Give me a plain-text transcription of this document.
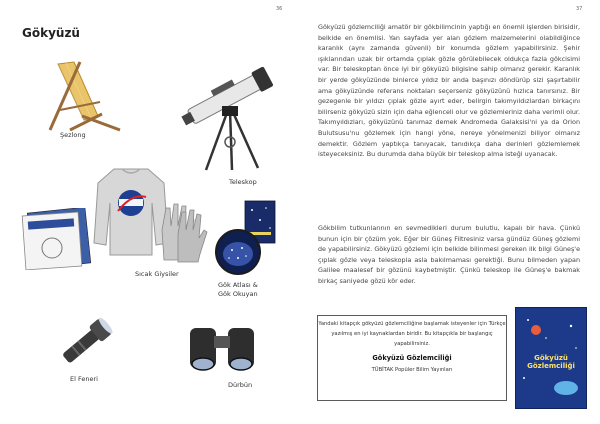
36
Gökyüzü
Şezlong
Teleskop
Sıcak Giysiler
Gök Atlası &
Gök Okuyan
El Feneri
Dürbün
37

Gökyüzü gözlemciliği amatör bir gökbilimcinin yaptığı en önemli işlerden birisidir, belkide en önemlisi. Yan sayfada yer alan gözlem malzemelerini olabildiğince karanlık (aynı zamanda güvenli) bir konumda gözlem yapabilirsiniz. Şehir ışıklarından uzak bir ortamda çıplak gözle görülebilecek oldukça fazla gökcisimi var. Bir teleskoptan önce iyi bir gökyüzü bilgisine sahip olmanız gerekir. Karanlık bir yerde gökyüzünde binlerce yıldız bir anda başınızı döndürüp sizi şaşırtabilir ama gökyüzünde referans noktaları seçerseniz gökyüzünü hızlıca tanırsınız. Bir gezegenle bir yıldızı çıplak gözle ayırt eder, belirgin takımyıldızlardan birkaçını bilirseniz gökyüzü sizin için daha eğlenceli olur ve gözlemleriniz daha verimli olur. Takımyıldızları, gökyüzünü tanımaz demek Andromeda Galaksisi'ni ya da Orion Bulutsusu'nu gözlemek için hangi yöne, nereye yönelmenizi biliyor olmanız demektir. Gözlem yaptıkça tanıyacak, tanıdıkça daha derinleri gözlemlemek isteyeceksiniz. Bu durumda daha büyük bir teleskop alma isteği uyanacak.

Gökbilim tutkunlarının en sevmedikleri durum bulutlu, kapalı bir hava. Çünkü bunun için bir çözüm yok. Eğer bir Güneş Filtresiniz varsa gündüz Güneş gözlemi de yapabilirsiniz. Gökyüzü gözlemi için belkide bilinmesi gereken ilk bilgi Güneş'e çıplak gözle veya teleskopla asla bakılmaması gerektiği. Bunu bilmeden yapan Galilee maalesef bir gözünü kaybetmiştir. Çünkü teleskop ile Güneş'e bakmak birkaç saniyede gözü kör eder.

Yandaki kitapçık gökyüzü gözlemciliğine başlamak isteyenler için Türkçe yazılmış en iyi kaynaklardan biridir. Bu kitapçıkla bir başlangıç yapabilirsiniz.
Gökyüzü Gözlemciliği
TÜBİTAK Popüler Bilim Yayınları
Gökyüzü
Gözlemciliği
